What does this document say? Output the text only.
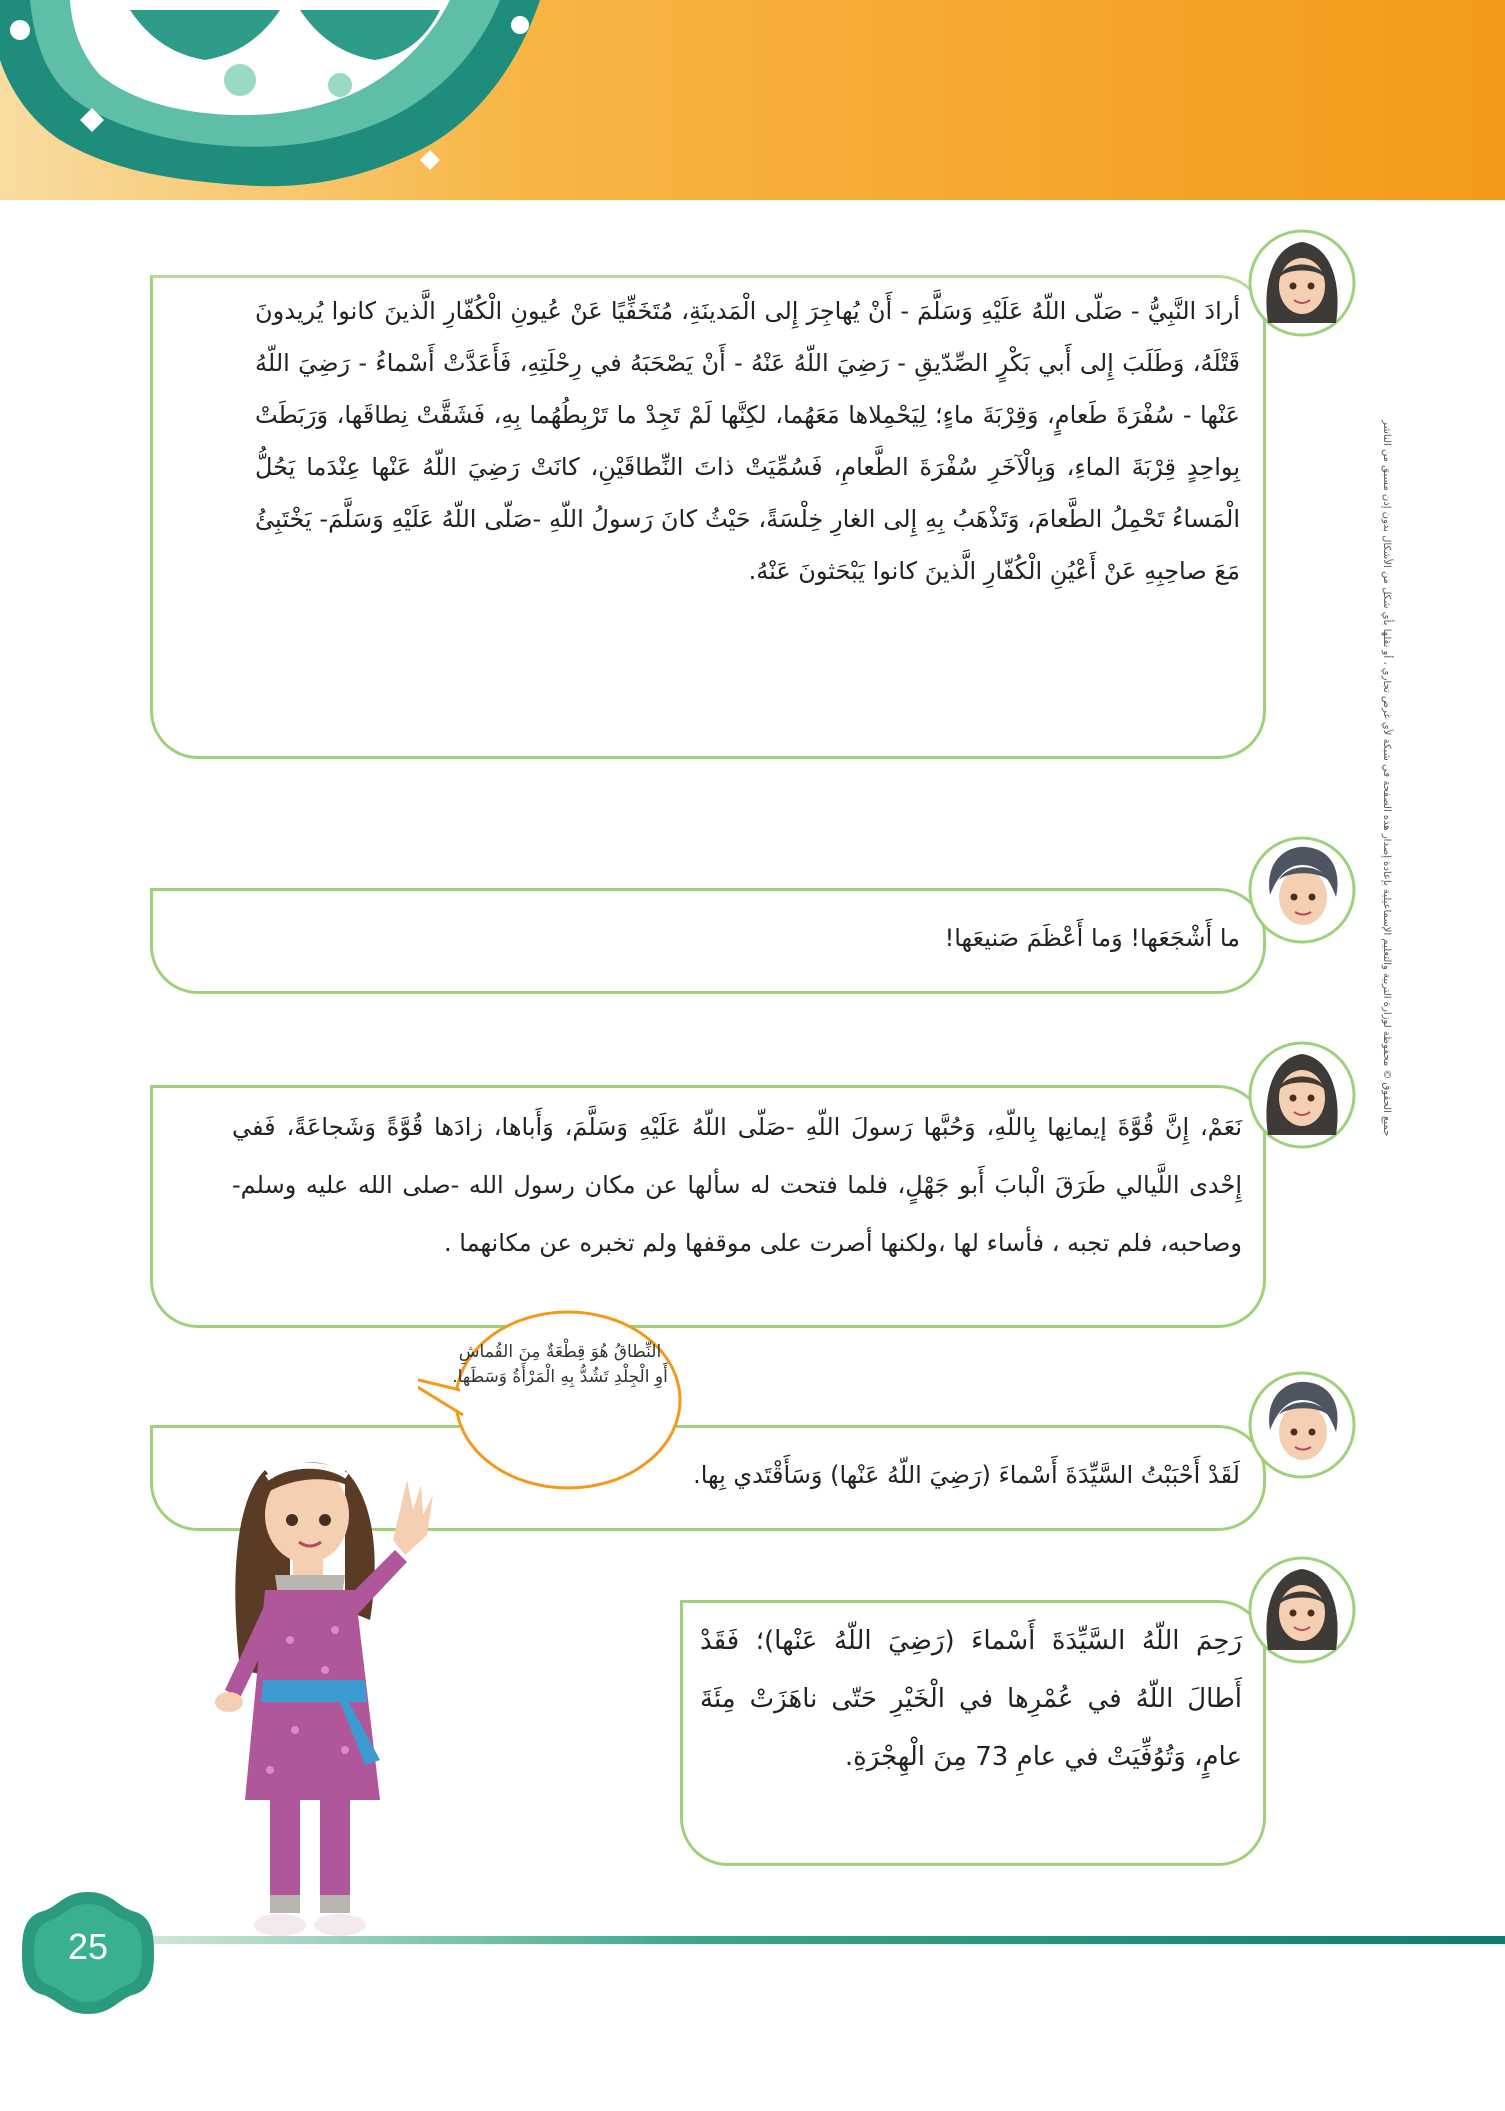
أرادَ النَّبِيُّ - صَلّى اللّهُ عَلَيْهِ وَسَلَّمَ - أَنْ يُهاجِرَ إِلى الْمَدينَةِ، مُتَخَفِّيًا عَنْ عُيونِ الْكُفّارِ الَّذينَ كانوا يُريدونَ قَتْلَهُ، وَطَلَبَ إِلى أَبي بَكْرٍ الصِّدّيقِ - رَضِيَ اللّهُ عَنْهُ - أَنْ يَصْحَبَهُ في رِحْلَتِهِ، فَأَعَدَّتْ أَسْماءُ - رَضِيَ اللّهُ عَنْها - سُفْرَةَ طَعامٍ، وَقِرْبَةَ ماءٍ؛ لِيَحْمِلاها مَعَهُما، لكِنَّها لَمْ تَجِدْ ما تَرْبِطُهُما بِهِ، فَشَقَّتْ نِطاقَها، وَرَبَطَتْ بِواحِدٍ قِرْبَةَ الماءِ، وَبِالْآخَرِ سُفْرَةَ الطَّعامِ، فَسُمِّيَتْ ذاتَ النِّطاقَيْنِ، كانَتْ رَضِيَ اللّهُ عَنْها عِنْدَما يَحُلُّ الْمَساءُ تَحْمِلُ الطَّعامَ، وَتَذْهَبُ بِهِ إِلى الغارِ خِلْسَةً، حَيْثُ كانَ رَسولُ اللّهِ -صَلّى اللّهُ عَلَيْهِ وَسَلَّمَ- يَخْتَبِئُ مَعَ صاحِبِهِ عَنْ أَعْيُنِ الْكُفّارِ الَّذينَ كانوا يَبْحَثونَ عَنْهُ.
ما أَشْجَعَها! وَما أَعْظَمَ صَنيعَها!
نَعَمْ، إِنَّ قُوَّةَ إيمانِها بِاللّهِ، وَحُبَّها رَسولَ اللّهِ -صَلّى اللّهُ عَلَيْهِ وَسَلَّمَ، وَأَباها، زادَها قُوَّةً وَشَجاعَةً، فَفي إِحْدى اللَّيالي طَرَقَ الْبابَ أَبو جَهْلٍ، فلما فتحت له سألها عن مكان رسول الله -صلى الله عليه وسلم- وصاحبه، فلم تجبه ، فأساء لها ،ولكنها أصرت على موقفها ولم تخبره عن مكانهما .
لَقَدْ أَحْبَبْتُ السَّيِّدَةَ أَسْماءَ (رَضِيَ اللّهُ عَنْها) وَسَأَقْتَدي بِها.
رَحِمَ اللّهُ السَّيِّدَةَ أَسْماءَ (رَضِيَ اللّهُ عَنْها)؛ فَقَدْ أَطالَ اللّهُ في عُمْرِها في الْخَيْرِ حَتّى ناهَزَتْ مِئَةَ عامٍ، وَتُوُفِّيَتْ في عامِ 73 مِنَ الْهِجْرَةِ.
النِّطاقُ هُوَ قِطْعَةٌ مِنَ القُماشِ أَوِ الْجِلْدِ تَشُدُّ بِهِ الْمَرْأَةُ وَسَطَها.
جميع الحقوق © محفوظة لوزارة التربية والتعليم الإسماعيلية بإعادة إصدار هذه الصفحة في شبكة لأي غرض تجاري ، أو نقلها بأي شكل من الأشكال بدون إذن مسبق من الناشر
25
